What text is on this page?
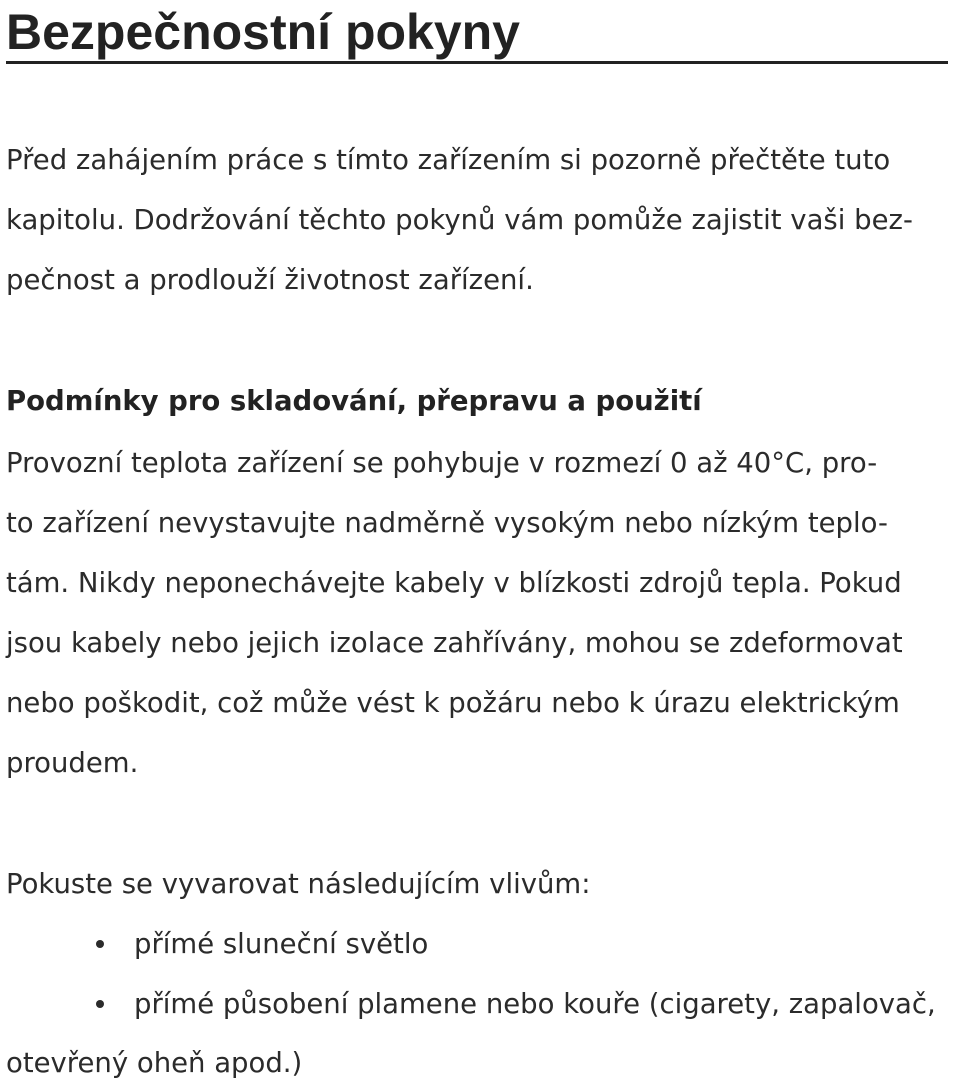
Bezpečnostní pokyny

Před zahájením práce s tímto zařízením si pozorně přečtěte tuto

kapitolu. Dodržování těchto pokynů vám pomůže zajistit vaši bez-

pečnost a prodlouží životnost zařízení.

Podmínky pro skladování, přepravu a použití

Provozní teplota zařízení se pohybuje v rozmezí 0 až 40°C, pro-

to zařízení nevystavujte nadměrně vysokým nebo nízkým teplo-

tám. Nikdy neponechávejte kabely v blízkosti zdrojů tepla. Pokud

jsou kabely nebo jejich izolace zahřívány, mohou se zdeformovat

nebo poškodit, což může vést k požáru nebo k úrazu elektrickým

proudem.

Pokuste se vyvarovat následujícím vlivům:

přímé sluneční světlo
přímé působení plamene nebo kouře (cigarety, zapalovač,

otevřený oheň apod.)
